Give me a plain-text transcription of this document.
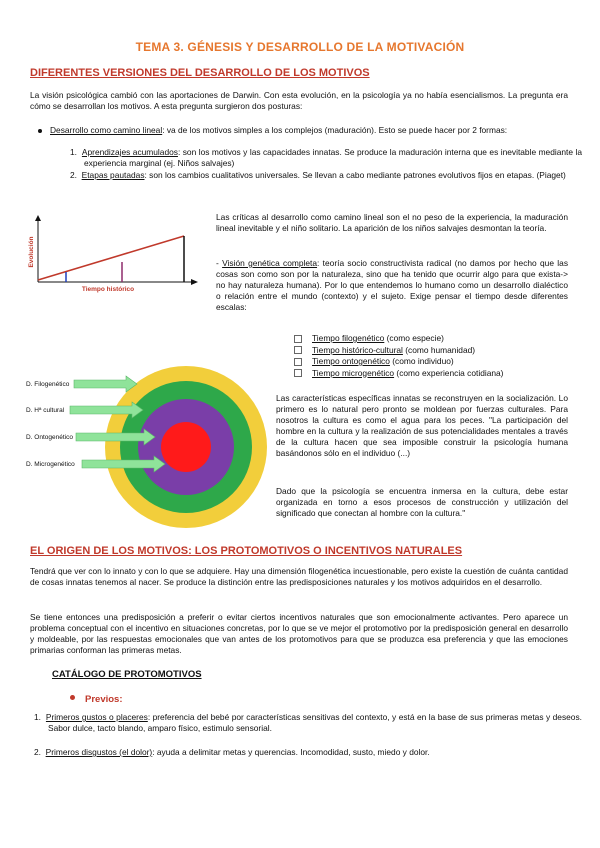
TEMA 3. GÉNESIS Y DESARROLLO DE LA MOTIVACIÓN
DIFERENTES VERSIONES DEL DESARROLLO DE LOS MOTIVOS
La visión psicológica cambió con las aportaciones de Darwin. Con esta evolución, en la psicología ya no había esencialismos. La pregunta era cómo se desarrollan los motivos. A esta pregunta surgieron dos posturas:
Desarrollo como camino lineal: va de los motivos simples a los complejos (maduración). Esto se puede hacer por 2 formas:
1.  Aprendizajes acumulados: son los motivos y las capacidades innatas. Se produce la maduración interna que es inevitable mediante la experiencia marginal (ej. Niños salvajes)
2.  Etapas pautadas: son los cambios cualitativos universales. Se llevan a cabo mediante patrones evolutivos fijos en etapas. (Piaget)
Evolución
Tiempo histórico
Las críticas al desarrollo como camino lineal son el no peso de la experiencia, la maduración lineal inevitable y el niño solitario. La aparición de los niños salvajes desmontan la teoría.
- Visión genética completa: teoría socio constructivista radical (no damos por hecho que las cosas son como son por la naturaleza, sino que ha tenido que ocurrir algo para que exista-> no hay naturaleza humana). Por lo que entendemos lo humano como un desarrollo dialéctico o relación entre el mundo (contexto) y el sujeto. Exige pensar el tiempo desde diferentes escalas:
Tiempo filogenético (como especie)
Tiempo histórico-cultural (como humanidad)
Tiempo ontogenético (como individuo)
Tiempo microgenético (como experiencia cotidiana)
D. Filogenético
D. Hª cultural
D. Ontogenético
D. Microgenético
Las características específicas innatas se reconstruyen en la socialización. Lo primero es lo natural pero pronto se moldean por fuerzas culturales. Para nosotros la cultura es como el agua para los peces. "La participación del hombre en la cultura y la realización de sus potencialidades mentales a través de la cultura hacen que sea imposible construir la psicología humana basándonos sólo en el individuo (...)
Dado que la psicología se encuentra inmersa en la cultura, debe estar organizada en torno a esos procesos de construcción y utilización del significado que conectan al hombre con la cultura."
EL ORIGEN DE LOS MOTIVOS: LOS PROTOMOTIVOS O INCENTIVOS NATURALES
Tendrá que ver con lo innato y con lo que se adquiere. Hay una dimensión filogenética incuestionable, pero existe la cuestión de cuánta cantidad de cosas innatas tenemos al nacer. Se produce la distinción entre las predisposiciones naturales y los motivos adquiridos en el desarrollo.
Se tiene entonces una predisposición a preferir o evitar ciertos incentivos naturales que son emocionalmente activantes. Pero aparece un problema conceptual con el incentivo en situaciones concretas, por lo que se ve mejor el protomotivo por la predisposición general en desarrollo y moldeable, por las respuestas emocionales que van antes de los protomotivos para que se produzca esa preferencia y que las emociones primarias conforman las primeras metas.
CATÁLOGO DE PROTOMOTIVOS
Previos:
1.  Primeros gustos o placeres: preferencia del bebé por características sensitivas del contexto, y está en la base de sus primeras metas y deseos. Sabor dulce, tacto blando, amparo físico, estimulo sensorial.
2.  Primeros disgustos (el dolor): ayuda a delimitar metas y querencias. Incomodidad, susto, miedo y dolor.
